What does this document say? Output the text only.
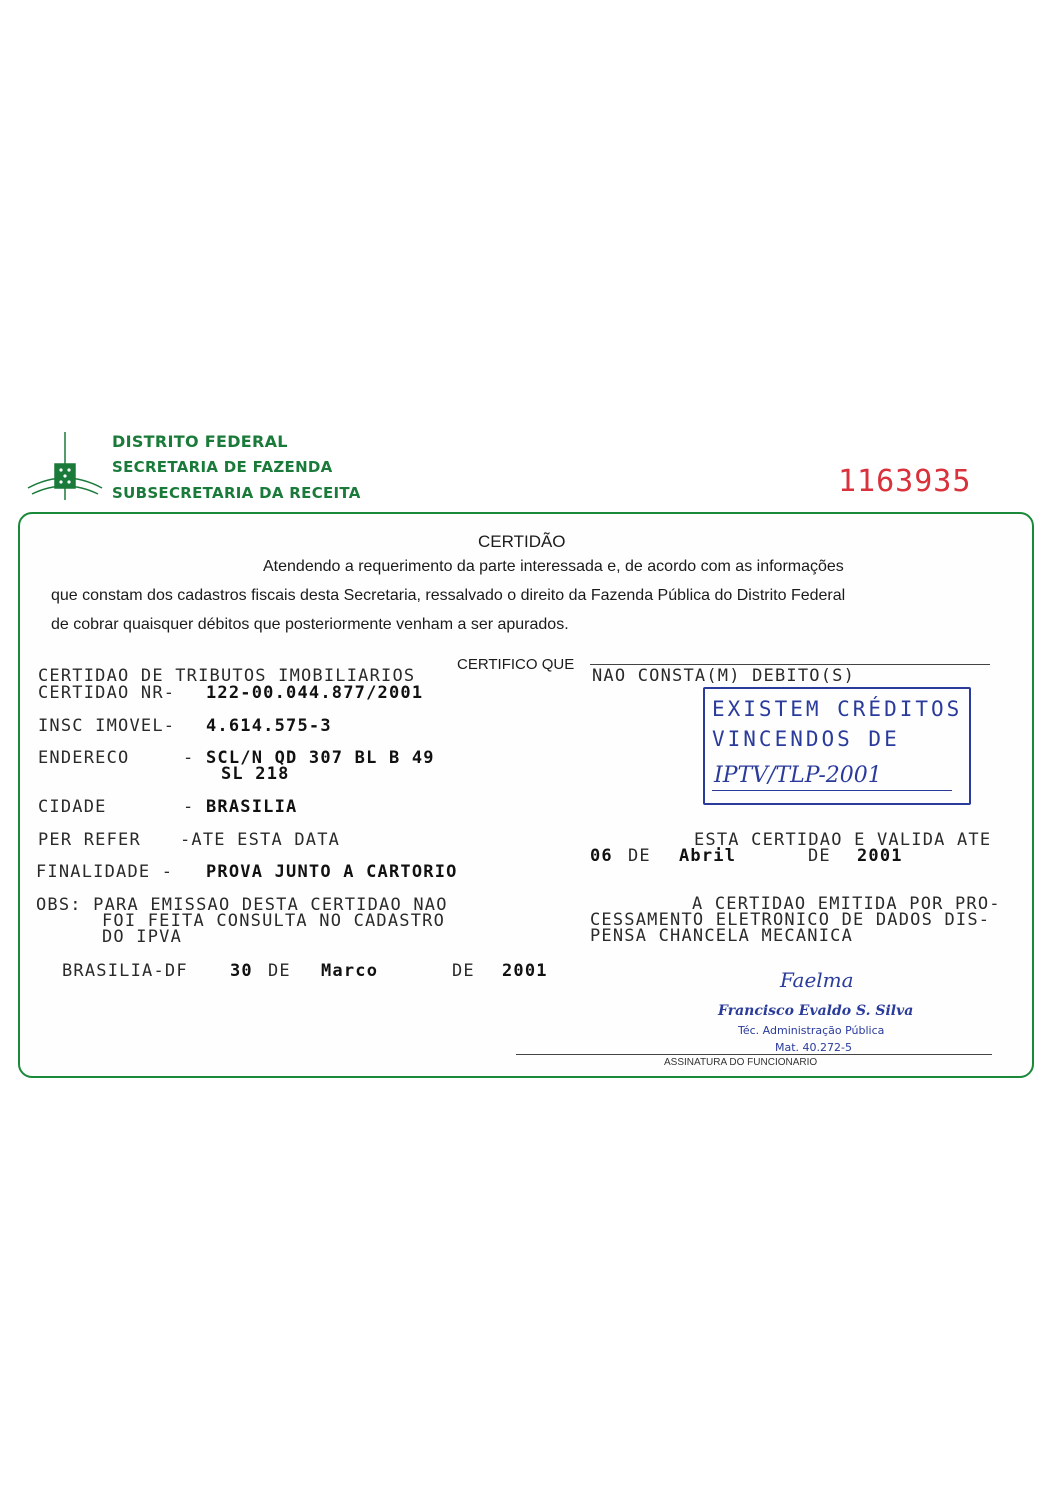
DISTRITO FEDERAL
SECRETARIA DE FAZENDA
SUBSECRETARIA DA RECEITA	1163935
CERTIDÃO
Atendendo a requerimento da parte interessada e, de acordo com as informações
que constam dos cadastros fiscais desta Secretaria, ressalvado o direito da Fazenda Pública do Distrito Federal
de cobrar quaisquer débitos que posteriormente venham a ser apurados.
CERTIFICO QUE
CERTIDAO DE TRIBUTOS IMOBILIARIOS
CERTIDAO NR- 122-00.044.877/2001
INSC IMOVEL- 4.614.575-3
ENDERECO	- SCL/N QD 307 BL B 49
SL 218
CIDADE	- BRASILIA
PER REFER -ATE ESTA DATA
FINALIDADE - PROVA JUNTO A CARTORIO
OBS: PARA EMISSAO DESTA CERTIDAO NAO
FOI FEITA CONSULTA NO CADASTRO
DO IPVA
NAO CONSTA(M) DEBITO(S)
ESTA CERTIDAO E VALIDA ATE
06 DE Abril	DE 2001
A CERTIDAO EMITIDA POR PRO-
CESSAMENTO ELETRONICO DE DADOS DIS-
PENSA CHANCELA MECANICA
BRASILIA-DF 30 DE Marco	DE 2001
EXISTEM CRÉDITOS
VINCENDOS DE
IPTV/TLP-2001
Faelma
Francisco Evaldo S. Silva
Téc. Administração Pública
Mat. 40.272-5
ASSINATURA DO FUNCIONARIO
